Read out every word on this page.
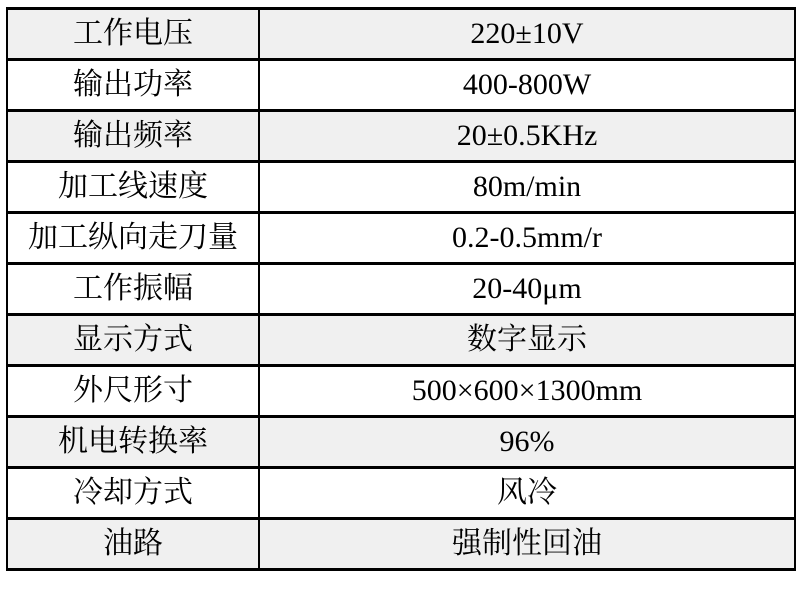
工作电压	220±10V
输出功率	400-800W
输出频率	20±0.5KHz
加工线速度	80m/min
加工纵向走刀量	0.2-0.5mm/r
工作振幅	20-40μm
显示方式	数字显示
外尺形寸	500×600×1300mm
机电转换率	96%
冷却方式	风冷
油路	强制性回油
